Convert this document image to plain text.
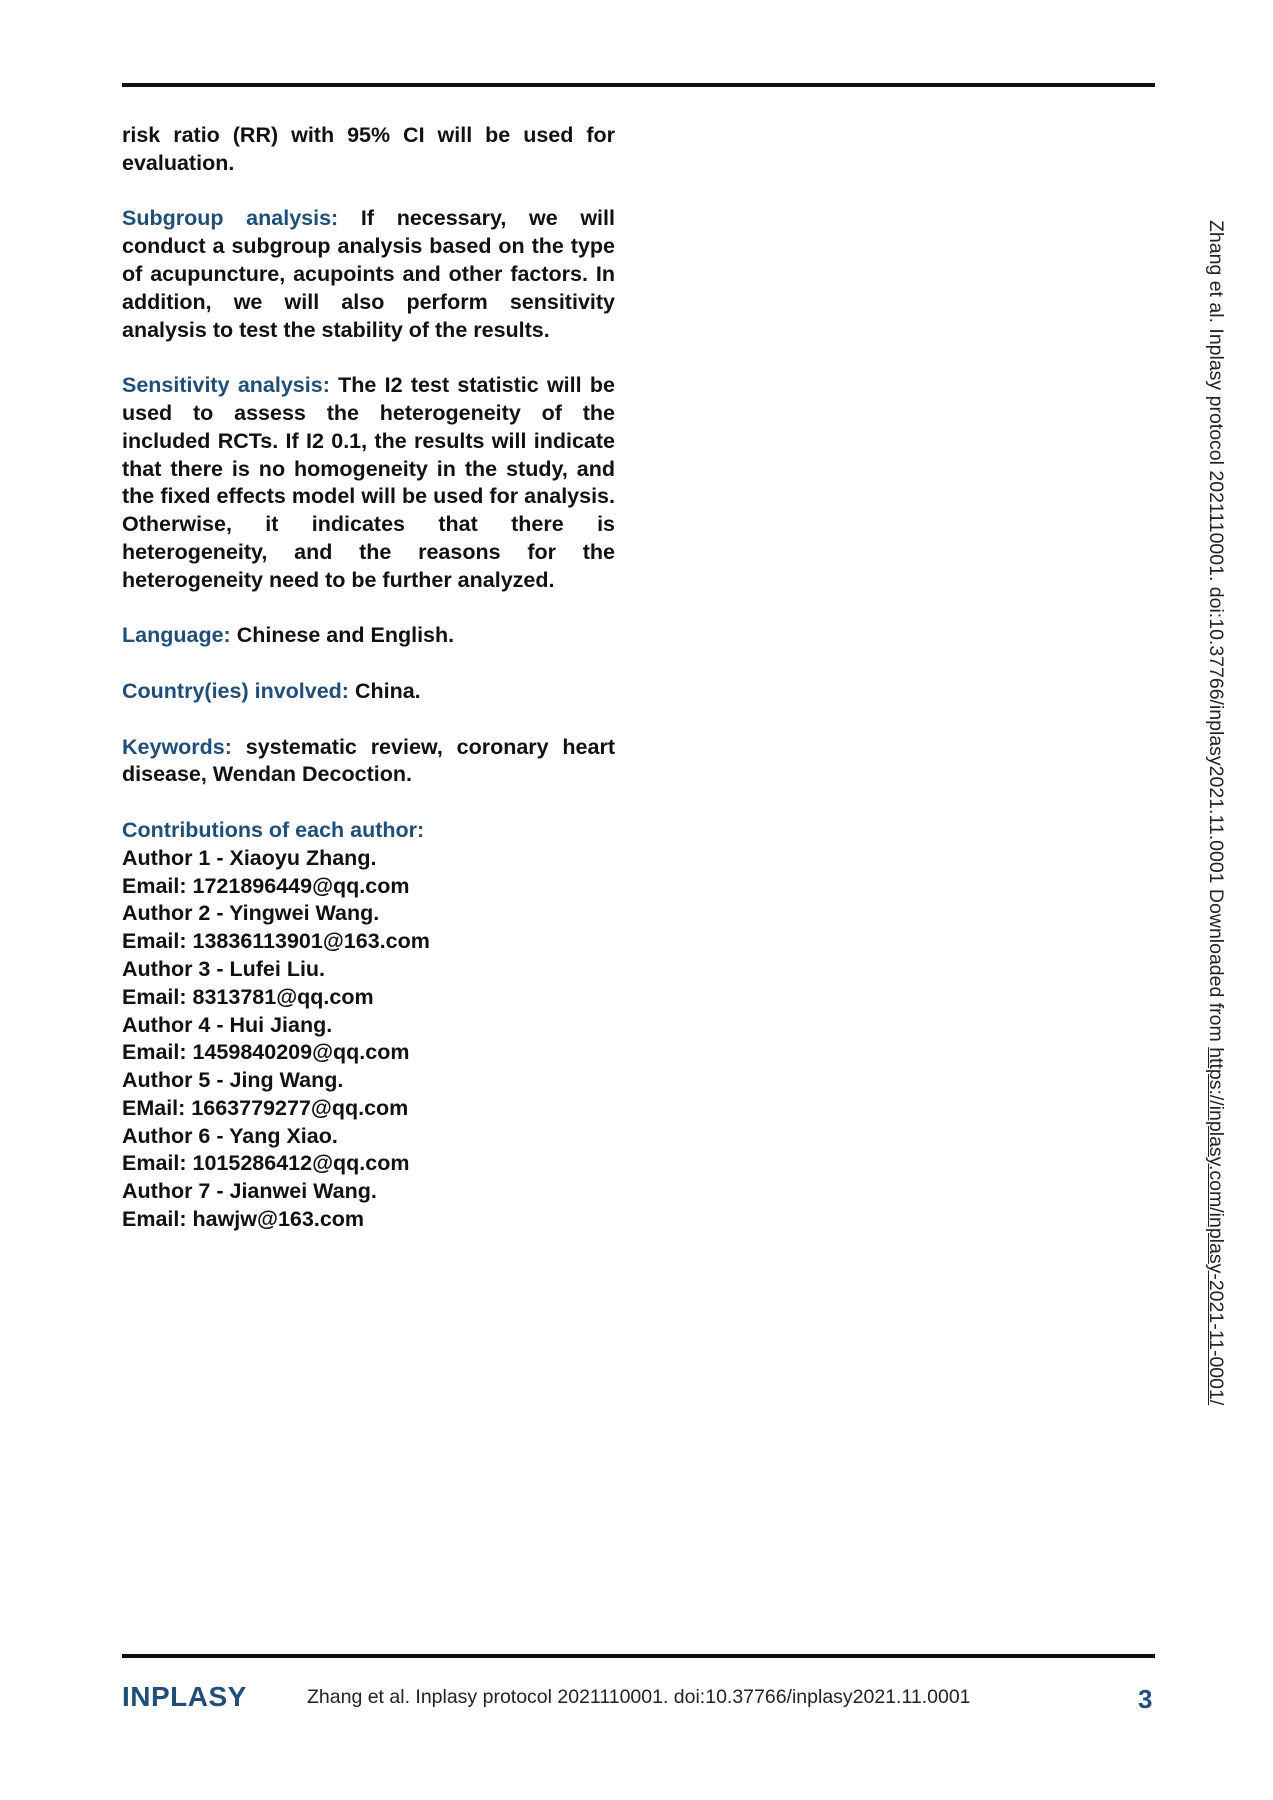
risk ratio (RR) with 95% CI will be used for evaluation.

Subgroup analysis: If necessary, we will conduct a subgroup analysis based on the type of acupuncture, acupoints and other factors. In addition, we will also perform sensitivity analysis to test the stability of the results.

Sensitivity analysis: The I2 test statistic will be used to assess the heterogeneity of the included RCTs. If I2 0.1, the results will indicate that there is no homogeneity in the study, and the fixed effects model will be used for analysis. Otherwise, it indicates that there is heterogeneity, and the reasons for the heterogeneity need to be further analyzed.

Language: Chinese and English.

Country(ies) involved: China.

Keywords: systematic review, coronary heart disease, Wendan Decoction.

Contributions of each author:
Author 1 - Xiaoyu Zhang.
Email: 1721896449@qq.com
Author 2 - Yingwei Wang.
Email: 13836113901@163.com
Author 3 - Lufei Liu.
Email: 8313781@qq.com
Author 4 - Hui Jiang.
Email: 1459840209@qq.com
Author 5 - Jing Wang.
EMail: 1663779277@qq.com
Author 6 - Yang Xiao.
Email: 1015286412@qq.com
Author 7 - Jianwei Wang.
Email: hawjw@163.com
Zhang et al. Inplasy protocol 2021110001. doi:10.37766/inplasy2021.11.0001 Downloaded from https://inplasy.com/inplasy-2021-11-0001/
INPLASY	Zhang et al. Inplasy protocol 2021110001. doi:10.37766/inplasy2021.11.0001	3
